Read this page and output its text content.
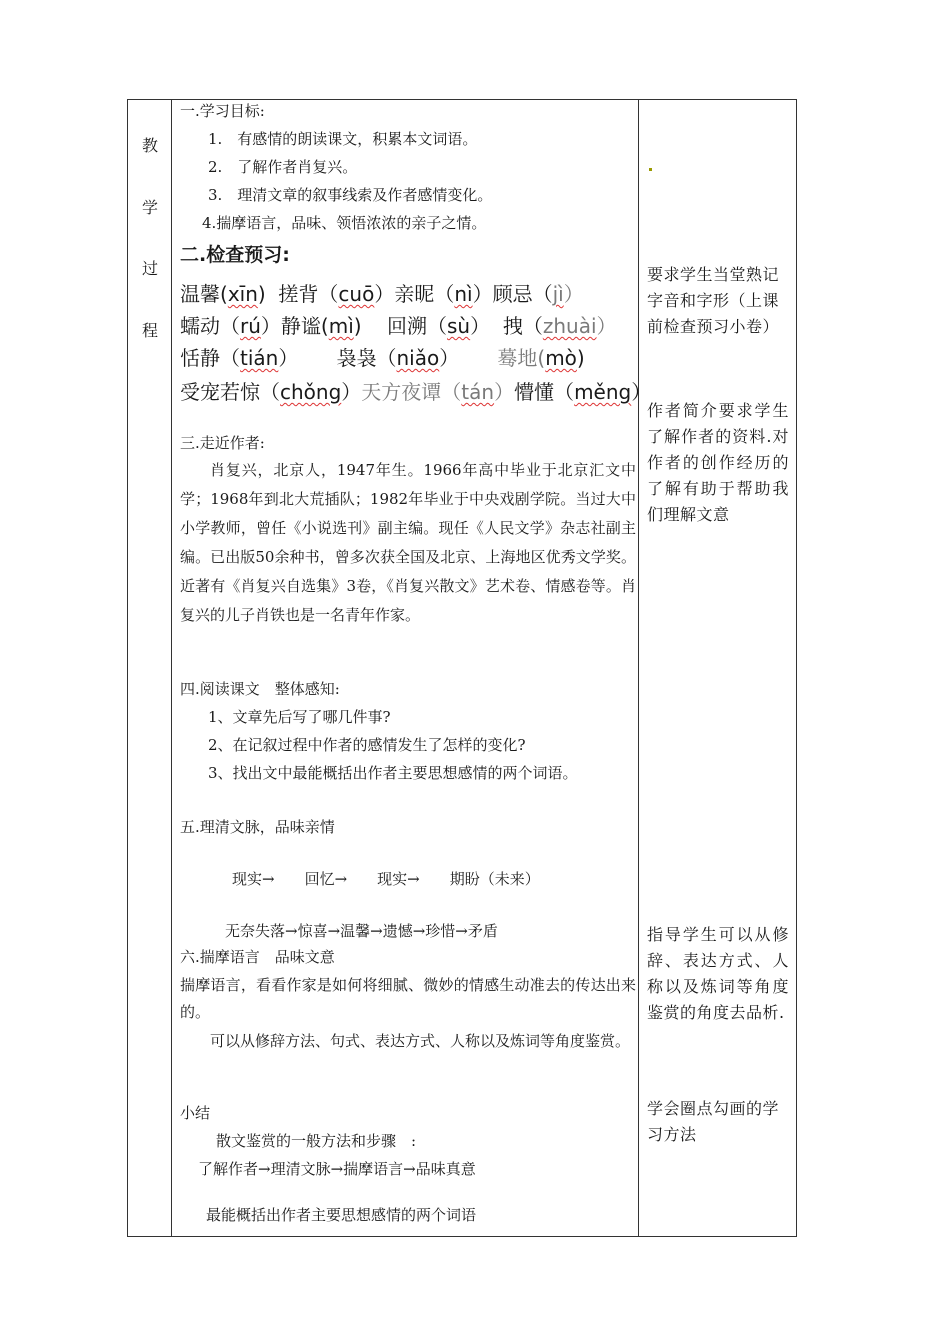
教
学
过
程
一.学习目标:
1.　有感情的朗读课文，积累本文词语。
2.　了解作者肖复兴。
3.　理清文章的叙事线索及作者感情变化。
4.揣摩语言，品味、领悟浓浓的亲子之情。
二.检查预习:
温馨(xīn) 搓背（cuō）亲昵（nì）顾忌（jì）
蠕动（rú）静谧(mì) 回溯（sù） 拽（zhuài）
恬静（tián） 袅袅（niǎo） 蓦地(mò)
受宠若惊（chǒng）天方夜谭（tán）懵懂（měng）
三.走近作者:
肖复兴，北京人，1947年生。1966年高中毕业于北京汇文中学；1968年到北大荒插队；1982年毕业于中央戏剧学院。当过大中小学教师，曾任《小说选刊》副主编。现任《人民文学》杂志社副主编。已出版50余种书，曾多次获全国及北京、上海地区优秀文学奖。近著有《肖复兴自选集》3卷，《肖复兴散文》艺术卷、情感卷等。肖复兴的儿子肖铁也是一名青年作家。
四.阅读课文　整体感知:
1、文章先后写了哪几件事?
2、在记叙过程中作者的感情发生了怎样的变化?
3、找出文中最能概括出作者主要思想感情的两个词语。
五.理清文脉，品味亲情
现实→　　回忆→　　现实→　　期盼（未来）
无奈失落→惊喜→温馨→遗憾→珍惜→矛盾
六.揣摩语言　品味文意
揣摩语言，看看作家是如何将细腻、微妙的情感生动准去的传达出来的。
可以从修辞方法、句式、表达方式、人称以及炼词等角度鉴赏。
小结
散文鉴赏的一般方法和步骤　:
了解作者→理清文脉→揣摩语言→品味真意
最能概括出作者主要思想感情的两个词语
要求学生当堂熟记字音和字形（上课前检查预习小卷）
作者简介要求学生了解作者的资料.对作者的创作经历的了解有助于帮助我们理解文意
指导学生可以从修辞、表达方式、人称以及炼词等角度鉴赏的角度去品析.
学会圈点勾画的学习方法
